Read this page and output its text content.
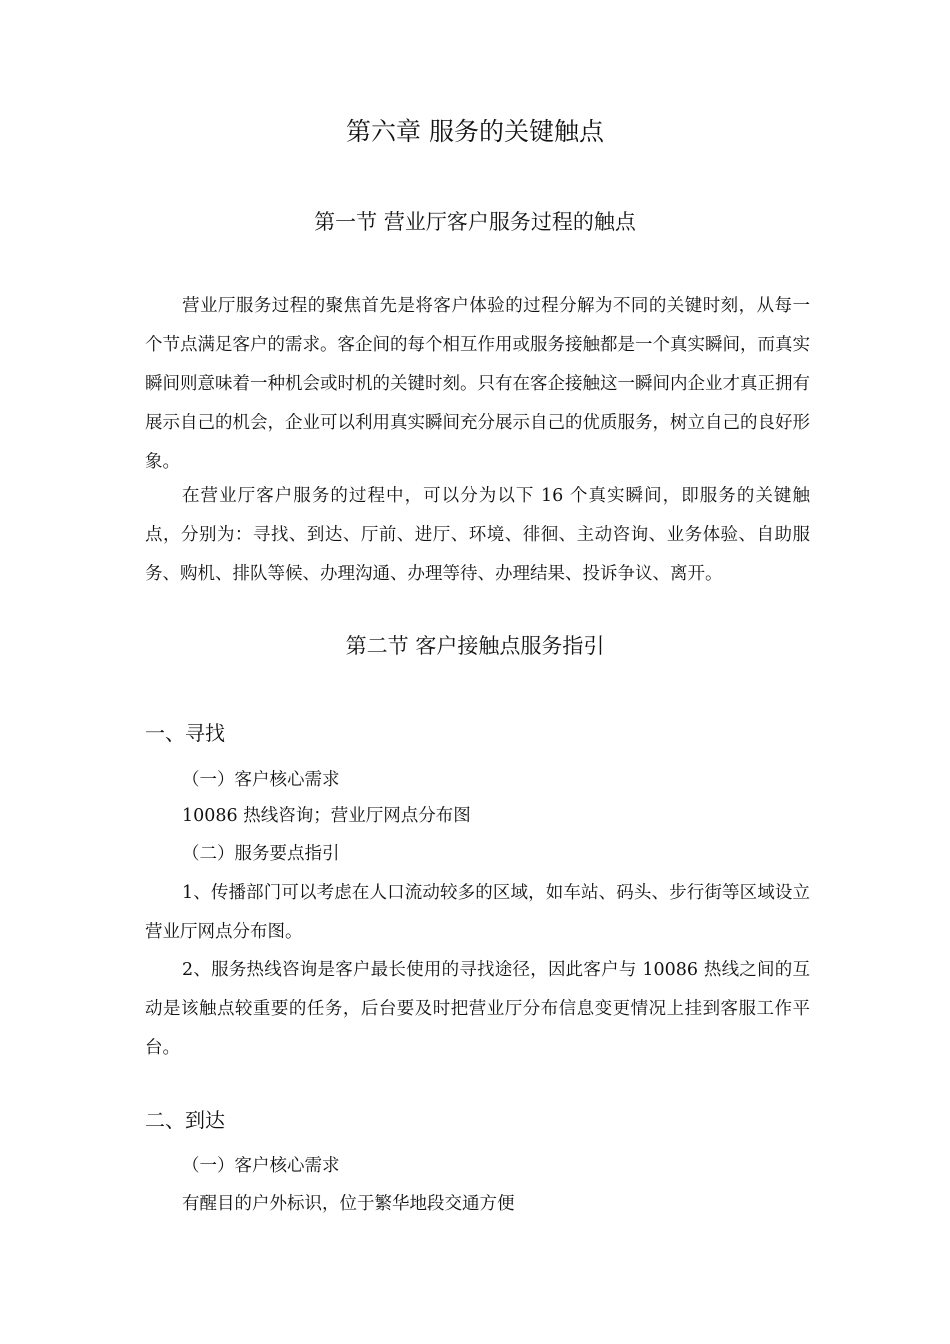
第六章 服务的关键触点
第一节 营业厅客户服务过程的触点

营业厅服务过程的聚焦首先是将客户体验的过程分解为不同的关键时刻，从每一个节点满足客户的需求。客企间的每个相互作用或服务接触都是一个真实瞬间，而真实瞬间则意味着一种机会或时机的关键时刻。只有在客企接触这一瞬间内企业才真正拥有展示自己的机会，企业可以利用真实瞬间充分展示自己的优质服务，树立自己的良好形象。

在营业厅客户服务的过程中，可以分为以下 16 个真实瞬间，即服务的关键触点，分别为：寻找、到达、厅前、进厅、环境、徘徊、主动咨询、业务体验、自助服务、购机、排队等候、办理沟通、办理等待、办理结果、投诉争议、离开。

第二节 客户接触点服务指引
一、寻找
（一）客户核心需求
10086 热线咨询；营业厅网点分布图
（二）服务要点指引

1、传播部门可以考虑在人口流动较多的区域，如车站、码头、步行街等区域设立营业厅网点分布图。

2、服务热线咨询是客户最长使用的寻找途径，因此客户与 10086 热线之间的互动是该触点较重要的任务，后台要及时把营业厅分布信息变更情况上挂到客服工作平台。

二、到达
（一）客户核心需求
有醒目的户外标识，位于繁华地段交通方便
